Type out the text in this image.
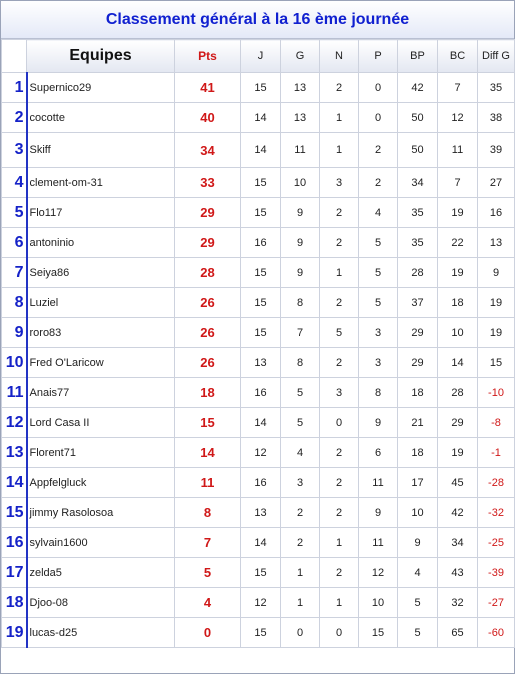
Classement général à la 16 ème journée
	Equipes	Pts	J	G	N	P	BP	BC	Diff G
1	Supernico29	41	15	13	2	0	42	7	35
2	cocotte	40	14	13	1	0	50	12	38
3	Skiff	34	14	11	1	2	50	11	39
4	clement-om-31	33	15	10	3	2	34	7	27
5	Flo117	29	15	9	2	4	35	19	16
6	antoninio	29	16	9	2	5	35	22	13
7	Seiya86	28	15	9	1	5	28	19	9
8	Luziel	26	15	8	2	5	37	18	19
9	roro83	26	15	7	5	3	29	10	19
10	Fred O'Laricow	26	13	8	2	3	29	14	15
11	Anais77	18	16	5	3	8	18	28	-10
12	Lord Casa II	15	14	5	0	9	21	29	-8
13	Florent71	14	12	4	2	6	18	19	-1
14	Appfelgluck	11	16	3	2	11	17	45	-28
15	jimmy Rasolosoa	8	13	2	2	9	10	42	-32
16	sylvain1600	7	14	2	1	11	9	34	-25
17	zelda5	5	15	1	2	12	4	43	-39
18	Djoo-08	4	12	1	1	10	5	32	-27
19	lucas-d25	0	15	0	0	15	5	65	-60
